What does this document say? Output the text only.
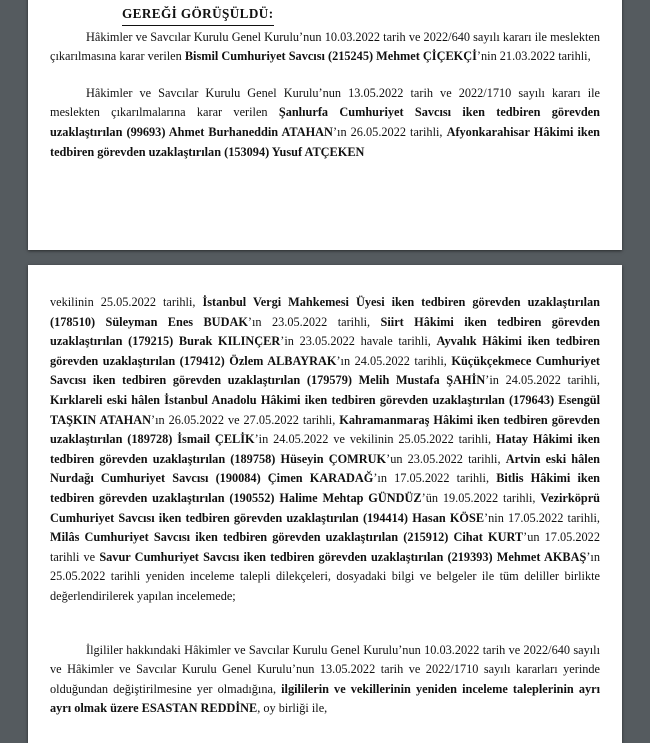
GEREĞİ GÖRÜŞÜLDÜ:

Hâkimler ve Savcılar Kurulu Genel Kurulu’nun 10.03.2022 tarih ve 2022/640 sayılı kararı ile meslekten çıkarılmasına karar verilen Bismil Cumhuriyet Savcısı (215245) Mehmet ÇİÇEKÇİ’nin 21.03.2022 tarihli,

Hâkimler ve Savcılar Kurulu Genel Kurulu’nun 13.05.2022 tarih ve 2022/1710 sayılı kararı ile meslekten çıkarılmalarına karar verilen Şanlıurfa Cumhuriyet Savcısı iken tedbiren görevden uzaklaştırılan (99693) Ahmet Burhaneddin ATAHAN’ın 26.05.2022 tarihli, Afyonkarahisar Hâkimi iken tedbiren görevden uzaklaştırılan (153094) Yusuf ATÇEKEN

vekilinin 25.05.2022 tarihli, İstanbul Vergi Mahkemesi Üyesi iken tedbiren görevden uzaklaştırılan (178510) Süleyman Enes BUDAK’ın 23.05.2022 tarihli, Siirt Hâkimi iken tedbiren görevden uzaklaştırılan (179215) Burak KILINÇER’in 23.05.2022 havale tarihli, Ayvalık Hâkimi iken tedbiren görevden uzaklaştırılan (179412) Özlem ALBAYRAK’ın 24.05.2022 tarihli, Küçükçekmece Cumhuriyet Savcısı iken tedbiren görevden uzaklaştırılan (179579) Melih Mustafa ŞAHİN’in 24.05.2022 tarihli, Kırklareli eski hâlen İstanbul Anadolu Hâkimi iken tedbiren görevden uzaklaştırılan (179643) Esengül TAŞKIN ATAHAN’ın 26.05.2022 ve 27.05.2022 tarihli, Kahramanmaraş Hâkimi iken tedbiren görevden uzaklaştırılan (189728) İsmail ÇELİK’in 24.05.2022 ve vekilinin 25.05.2022 tarihli, Hatay Hâkimi iken tedbiren görevden uzaklaştırılan (189758) Hüseyin ÇOMRUK’un 23.05.2022 tarihli, Artvin eski hâlen Nurdağı Cumhuriyet Savcısı (190084) Çimen KARADAĞ’ın 17.05.2022 tarihli, Bitlis Hâkimi iken tedbiren görevden uzaklaştırılan (190552) Halime Mehtap GÜNDÜZ’ün 19.05.2022 tarihli, Vezirköprü Cumhuriyet Savcısı iken tedbiren görevden uzaklaştırılan (194414) Hasan KÖSE’nin 17.05.2022 tarihli, Milâs Cumhuriyet Savcısı iken tedbiren görevden uzaklaştırılan (215912) Cihat KURT’un 17.05.2022 tarihli ve Savur Cumhuriyet Savcısı iken tedbiren görevden uzaklaştırılan (219393) Mehmet AKBAŞ’ın 25.05.2022 tarihli yeniden inceleme talepli dilekçeleri, dosyadaki bilgi ve belgeler ile tüm deliller birlikte değerlendirilerek yapılan incelemede;

İlgililer hakkındaki Hâkimler ve Savcılar Kurulu Genel Kurulu’nun 10.03.2022 tarih ve 2022/640 sayılı ve Hâkimler ve Savcılar Kurulu Genel Kurulu’nun 13.05.2022 tarih ve 2022/1710 sayılı kararları yerinde olduğundan değiştirilmesine yer olmadığına, ilgililerin ve vekillerinin yeniden inceleme taleplerinin ayrı ayrı olmak üzere ESASTAN REDDİNE, oy birliği ile,
